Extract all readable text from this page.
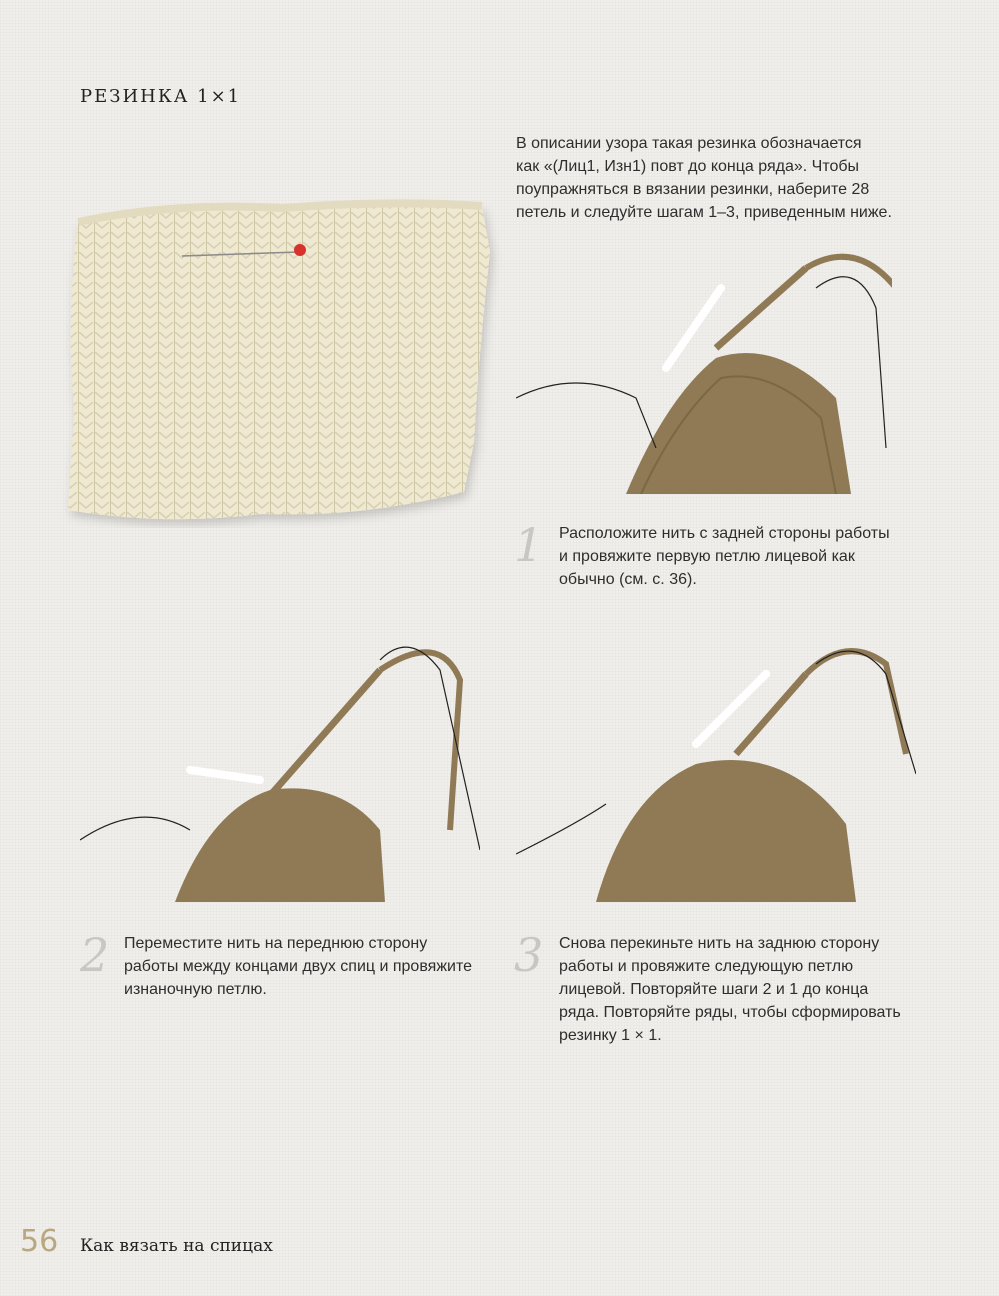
РЕЗИНКА 1×1
В описании узора такая резинка обозначается
как «(Лиц1, Изн1) повт до конца ряда». Чтобы
поупражняться в вязании резинки, наберите 28
петель и следуйте шагам 1–3, приведенным ниже.
1 Расположите нить с задней стороны работы
и провяжите первую петлю лицевой как
обычно (см. с. 36).
2 Переместите нить на переднюю сторону
работы между концами двух спиц и провяжите
изнаночную петлю.
3 Снова перекиньте нить на заднюю сторону
работы и провяжите следующую петлю
лицевой. Повторяйте шаги 2 и 1 до конца
ряда. Повторяйте ряды, чтобы сформировать
резинку 1 × 1.
56 Как вязать на спицах
